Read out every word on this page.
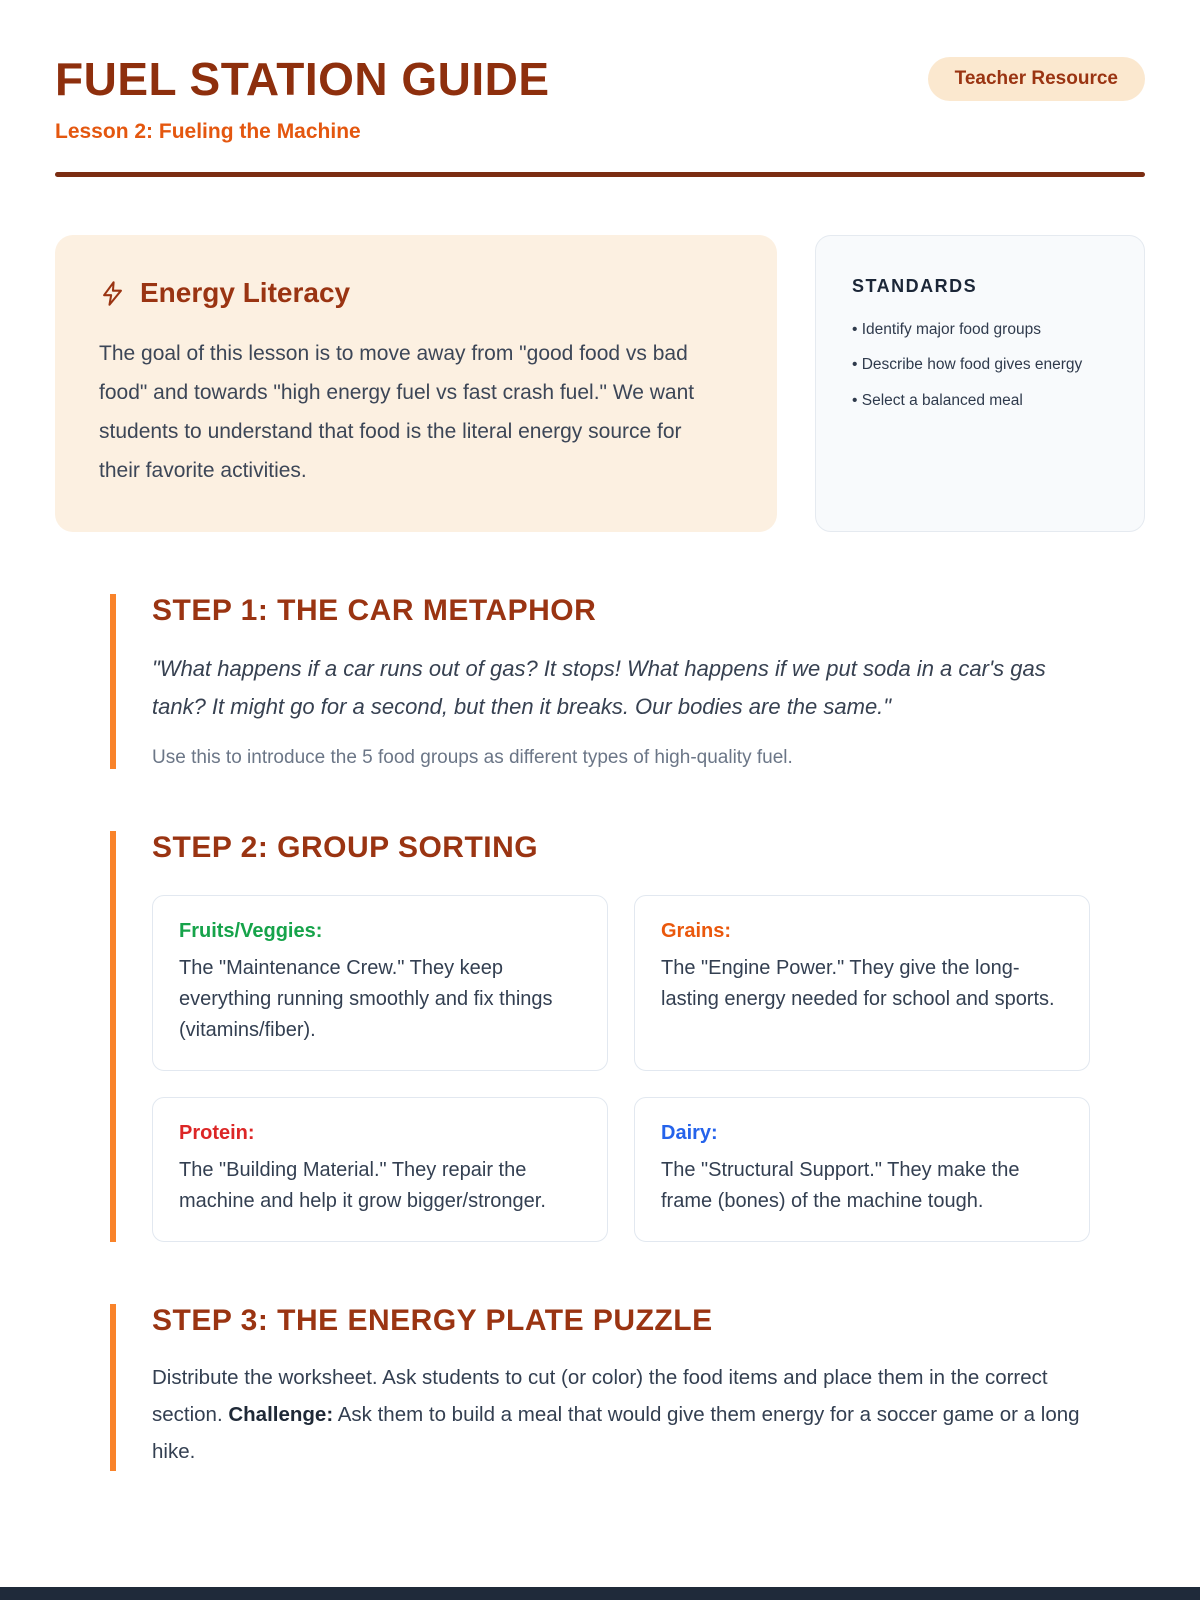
FUEL STATION GUIDE	Teacher Resource
Lesson 2: Fueling the Machine
Energy Literacy

The goal of this lesson is to move away from "good food vs bad food" and towards "high energy fuel vs fast crash fuel." We want students to understand that food is the literal energy source for their favorite activities.

STANDARDS
• Identify major food groups
• Describe how food gives energy
• Select a balanced meal
STEP 1: THE CAR METAPHOR

"What happens if a car runs out of gas? It stops! What happens if we put soda in a car's gas tank? It might go for a second, but then it breaks. Our bodies are the same."

Use this to introduce the 5 food groups as different types of high-quality fuel.

STEP 2: GROUP SORTING
Fruits/Veggies:

The "Maintenance Crew." They keep everything running smoothly and fix things (vitamins/fiber).

Grains:

The "Engine Power." They give the long-lasting energy needed for school and sports.

Protein:

The "Building Material." They repair the machine and help it grow bigger/stronger.

Dairy:

The "Structural Support." They make the frame (bones) of the machine tough.

STEP 3: THE ENERGY PLATE PUZZLE

Distribute the worksheet. Ask students to cut (or color) the food items and place them in the correct section. Challenge: Ask them to build a meal that would give them energy for a soccer game or a long hike.
